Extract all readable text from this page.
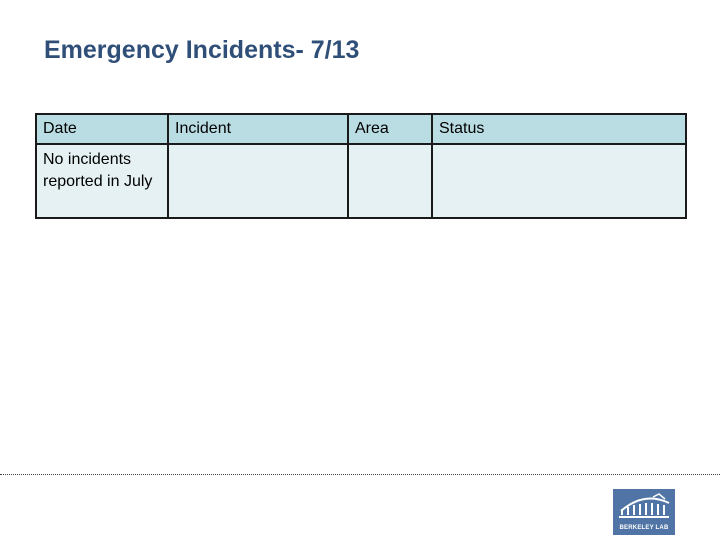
Emergency Incidents- 7/13
Date	Incident	Area	Status
No incidents reported in July			
BERKELEY LAB
